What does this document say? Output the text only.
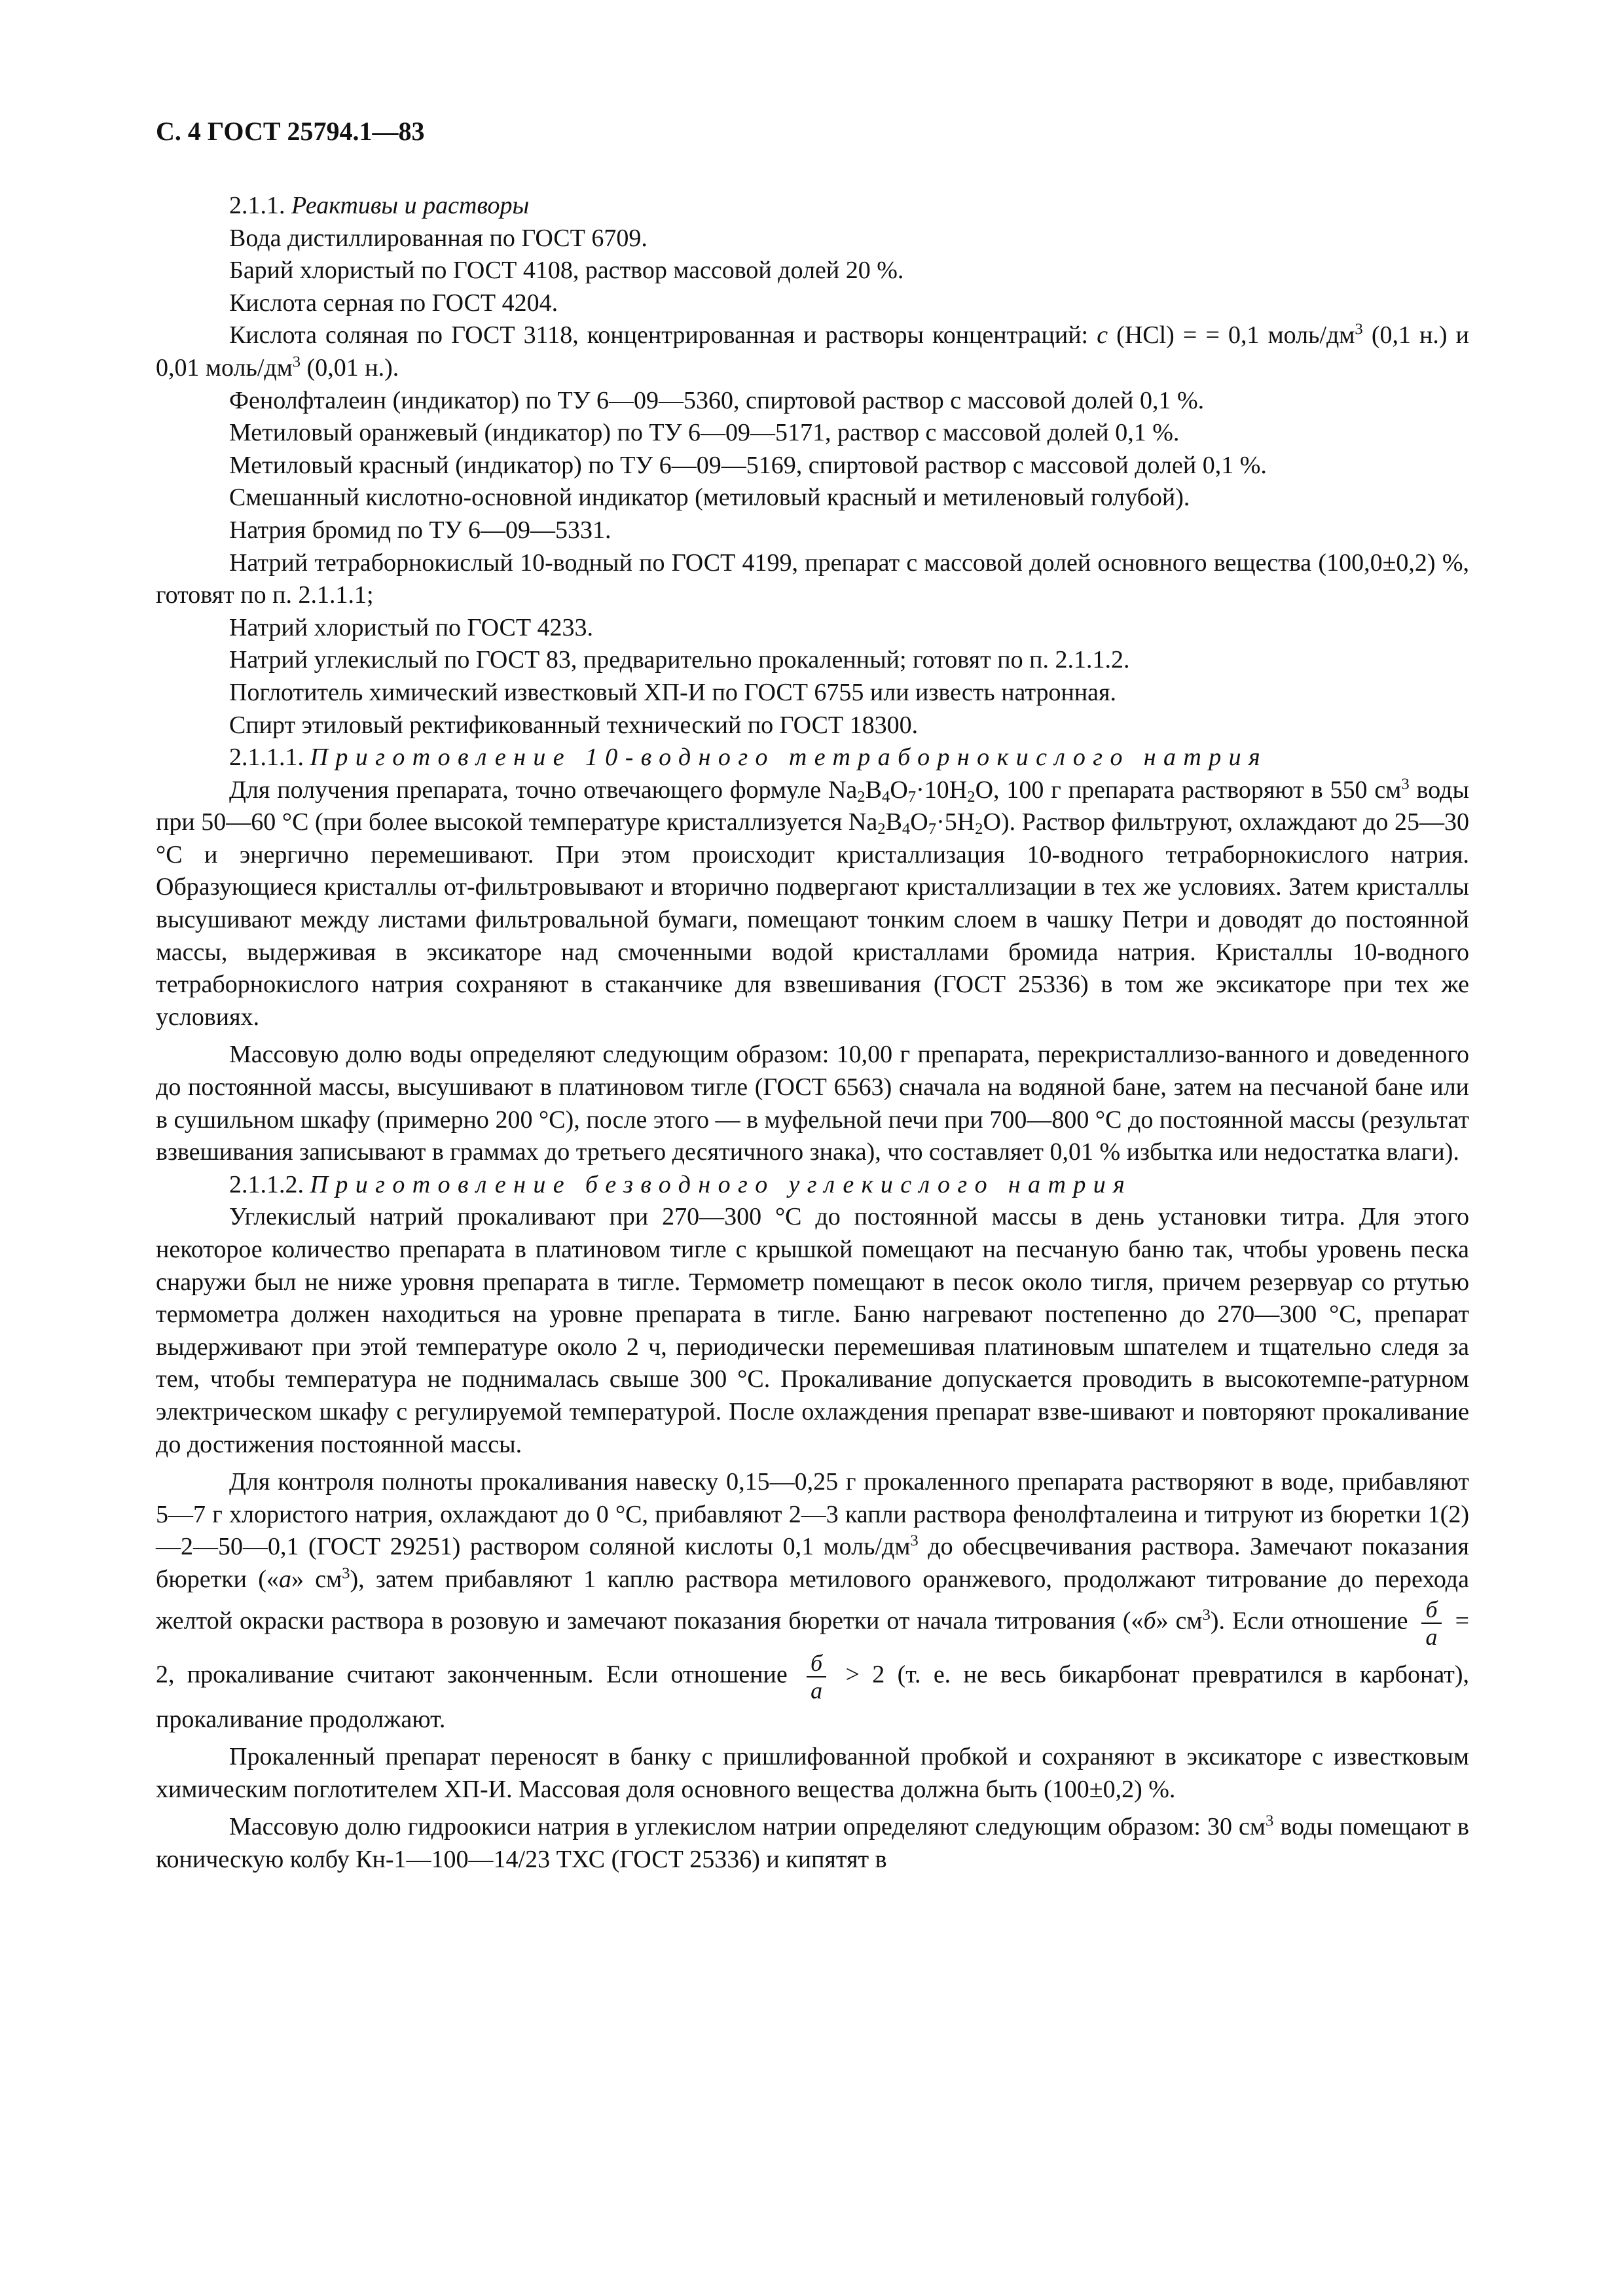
С. 4 ГОСТ 25794.1—83

2.1.1. Реактивы и растворы

Вода дистиллированная по ГОСТ 6709.

Барий хлористый по ГОСТ 4108, раствор массовой долей 20 %.

Кислота серная по ГОСТ 4204.

Кислота соляная по ГОСТ 3118, концентрированная и растворы концентраций: c (HCl) = = 0,1 моль/$дм^3$ (0,1 н.) и 0,01 моль/$дм^3$ (0,01 н.).

Фенолфталеин (индикатор) по ТУ 6—09—5360, спиртовой раствор с массовой долей 0,1 %.

Метиловый оранжевый (индикатор) по ТУ 6—09—5171, раствор с массовой долей 0,1 %.

Метиловый красный (индикатор) по ТУ 6—09—5169, спиртовой раствор с массовой долей 0,1 %.

Смешанный кислотно-основной индикатор (метиловый красный и метиленовый голубой).

Натрия бромид по ТУ 6—09—5331.

Натрий тетраборнокислый 10-водный по ГОСТ 4199, препарат с массовой долей основного вещества (100,0±0,2) %, готовят по п. 2.1.1.1;

Натрий хлористый по ГОСТ 4233.

Натрий углекислый по ГОСТ 83, предварительно прокаленный; готовят по п. 2.1.1.2.

Поглотитель химический известковый ХП-И по ГОСТ 6755 или известь натронная.

Спирт этиловый ректификованный технический по ГОСТ 18300.

2.1.1.1. Приготовление 10-водного тетраборнокислого натрия

Для получения препарата, точно отвечающего формуле $Na_2B_4O_7\cdot 10H_2O$, 100 г препарата растворяют в 550 $см^3$ воды при 50—60 °С (при более высокой температуре кристаллизуется $Na_2B_4O_7\cdot 5H_2O$). Раствор фильтруют, охлаждают до 25—30 °С и энергично перемешивают. При этом происходит кристаллизация 10-водного тетраборнокислого натрия. Образующиеся кристаллы от-фильтровывают и вторично подвергают кристаллизации в тех же условиях. Затем кристаллы высушивают между листами фильтровальной бумаги, помещают тонким слоем в чашку Петри и доводят до постоянной массы, выдерживая в эксикаторе над смоченными водой кристаллами бромида натрия. Кристаллы 10-водного тетраборнокислого натрия сохраняют в стаканчике для взвешивания (ГОСТ 25336) в том же эксикаторе при тех же условиях.

Массовую долю воды определяют следующим образом: 10,00 г препарата, перекристаллизо-ванного и доведенного до постоянной массы, высушивают в платиновом тигле (ГОСТ 6563) сначала на водяной бане, затем на песчаной бане или в сушильном шкафу (примерно 200 °С), после этого — в муфельной печи при 700—800 °С до постоянной массы (результат взвешивания записывают в граммах до третьего десятичного знака), что составляет 0,01 % избытка или недостатка влаги).

2.1.1.2. Приготовление безводного углекислого натрия

Углекислый натрий прокаливают при 270—300 °С до постоянной массы в день установки титра. Для этого некоторое количество препарата в платиновом тигле с крышкой помещают на песчаную баню так, чтобы уровень песка снаружи был не ниже уровня препарата в тигле. Термометр помещают в песок около тигля, причем резервуар со ртутью термометра должен находиться на уровне препарата в тигле. Баню нагревают постепенно до 270—300 °С, препарат выдерживают при этой температуре около 2 ч, периодически перемешивая платиновым шпателем и тщательно следя за тем, чтобы температура не поднималась свыше 300 °С. Прокаливание допускается проводить в высокотемпе-ратурном электрическом шкафу с регулируемой температурой. После охлаждения препарат взве-шивают и повторяют прокаливание до достижения постоянной массы.

Для контроля полноты прокаливания навеску 0,15—0,25 г прокаленного препарата растворяют в воде, прибавляют 5—7 г хлористого натрия, охлаждают до 0 °С, прибавляют 2—3 капли раствора фенолфталеина и титруют из бюретки 1(2)—2—50—0,1 (ГОСТ 29251) раствором соляной кислоты 0,1 моль/$дм^3$ до обесцвечивания раствора. Замечают показания бюретки («а» $см^3$), затем прибавляют 1 каплю раствора метилового оранжевого, продолжают титрование до перехода желтой окраски раствора в розовую и замечают показания бюретки от начала титрования («б» $см^3$). Если отношение $\frac{б}{а} = 2$, прокаливание считают законченным. Если отношение $\frac{б}{а} > 2$ (т. е. не весь бикарбонат превратился в карбонат), прокаливание продолжают.

Прокаленный препарат переносят в банку с пришлифованной пробкой и сохраняют в эксикаторе с известковым химическим поглотителем ХП-И. Массовая доля основного вещества должна быть (100±0,2) %.

Массовую долю гидроокиси натрия в углекислом натрии определяют следующим образом: 30 $см^3$ воды помещают в коническую колбу Кн-1—100—14/23 ТХС (ГОСТ 25336) и кипятят в
